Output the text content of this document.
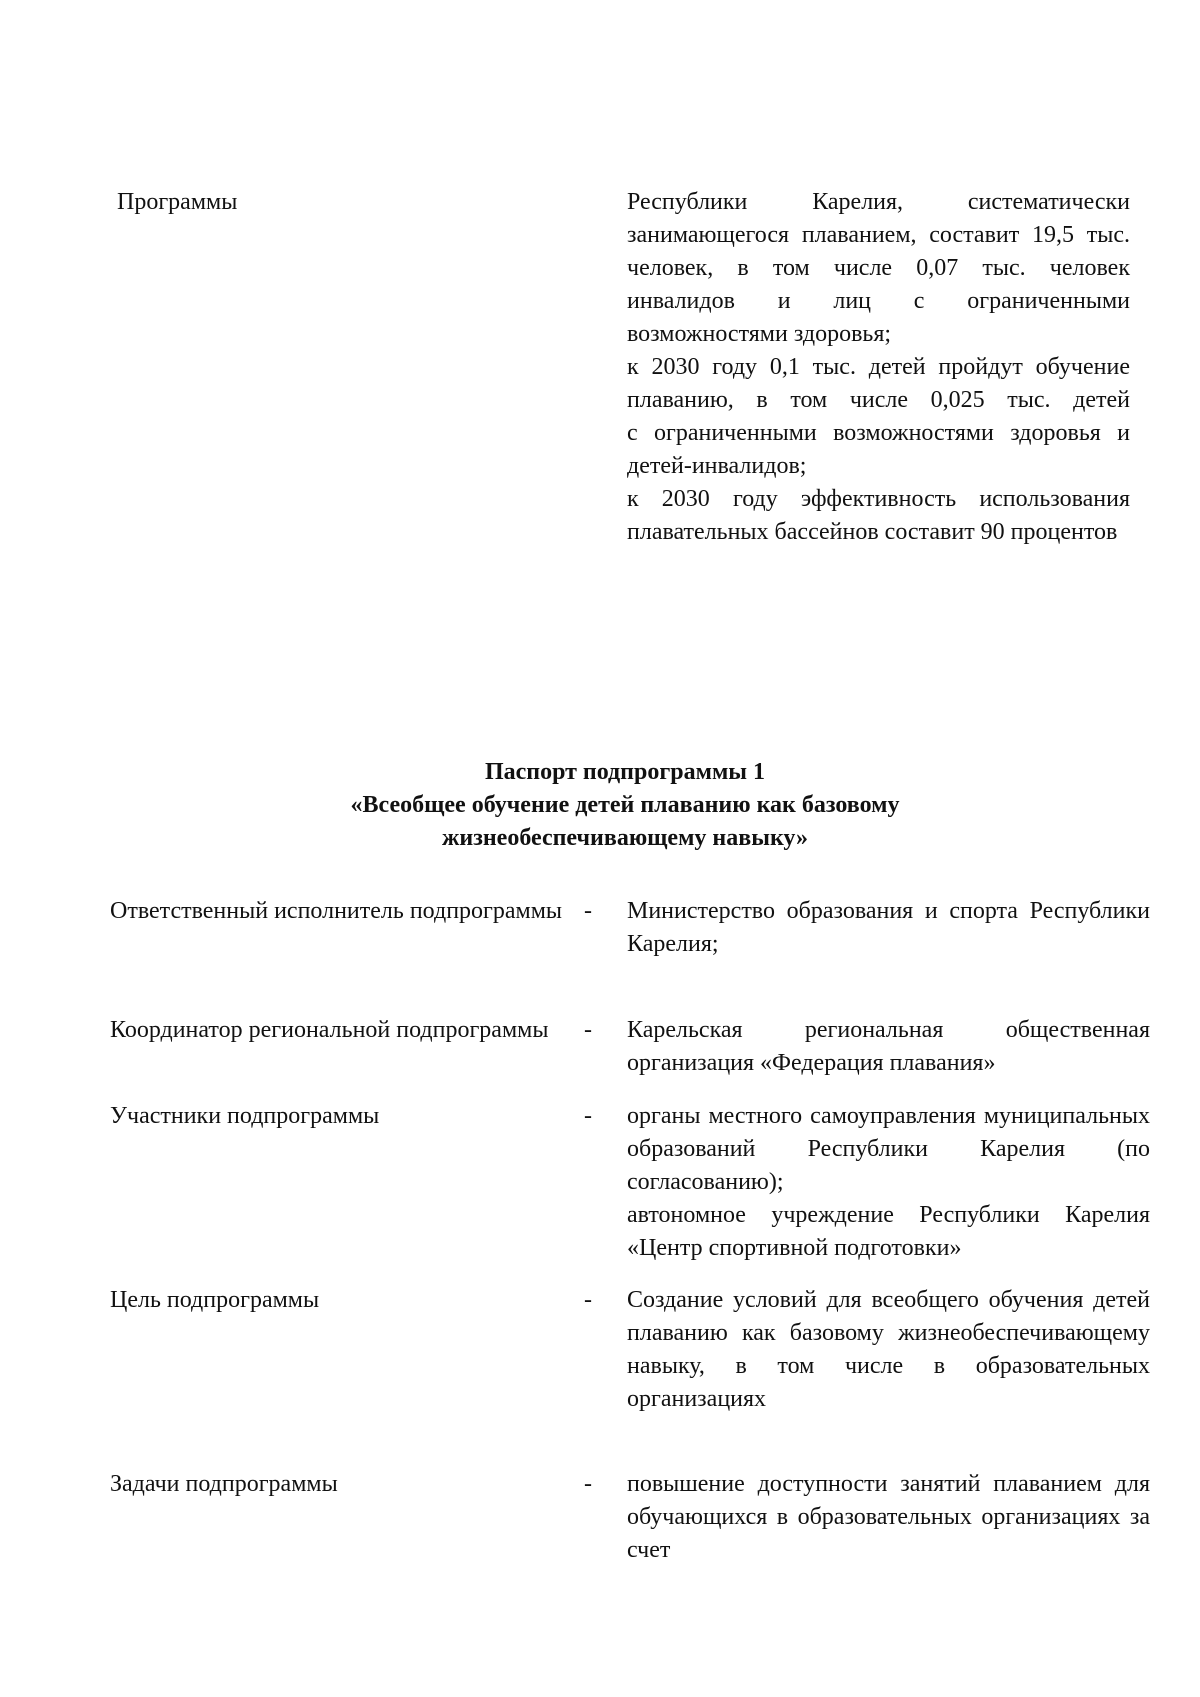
Программы	Республики Карелия, систематически занимающегося плаванием, составит 19,5 тыс. человек, в том числе 0,07 тыс. человек инвалидов и лиц с ограниченными возможностями здоровья;

к 2030 году 0,1 тыс. детей пройдут обучение плаванию, в том числе 0,025 тыс. детей

с ограниченными возможностями здоровья и детей-инвалидов;

к 2030 году эффективность использования плавательных бассейнов составит 90 процентов

Паспорт подпрограммы 1
«Всеобщее обучение детей плаванию как базовому
жизнеобеспечивающему навыку»
Ответственный исполнитель подпрограммы - Министерство образования и спорта Республики Карелия;

Координатор региональной подпрограммы	- Карельская региональная общественная организация «Федерация плавания»

Участники подпрограммы	- органы местного самоуправления муниципальных образований Республики Карелия (по согласованию);

автономное учреждение Республики Карелия «Центр спортивной подготовки»

Цель подпрограммы	- Создание условий для всеобщего обучения детей плаванию как базовому жизнеобеспечивающему навыку, в том числе в образовательных организациях

Задачи подпрограммы	- повышение доступности занятий плаванием для обучающихся в образовательных организациях за счет
